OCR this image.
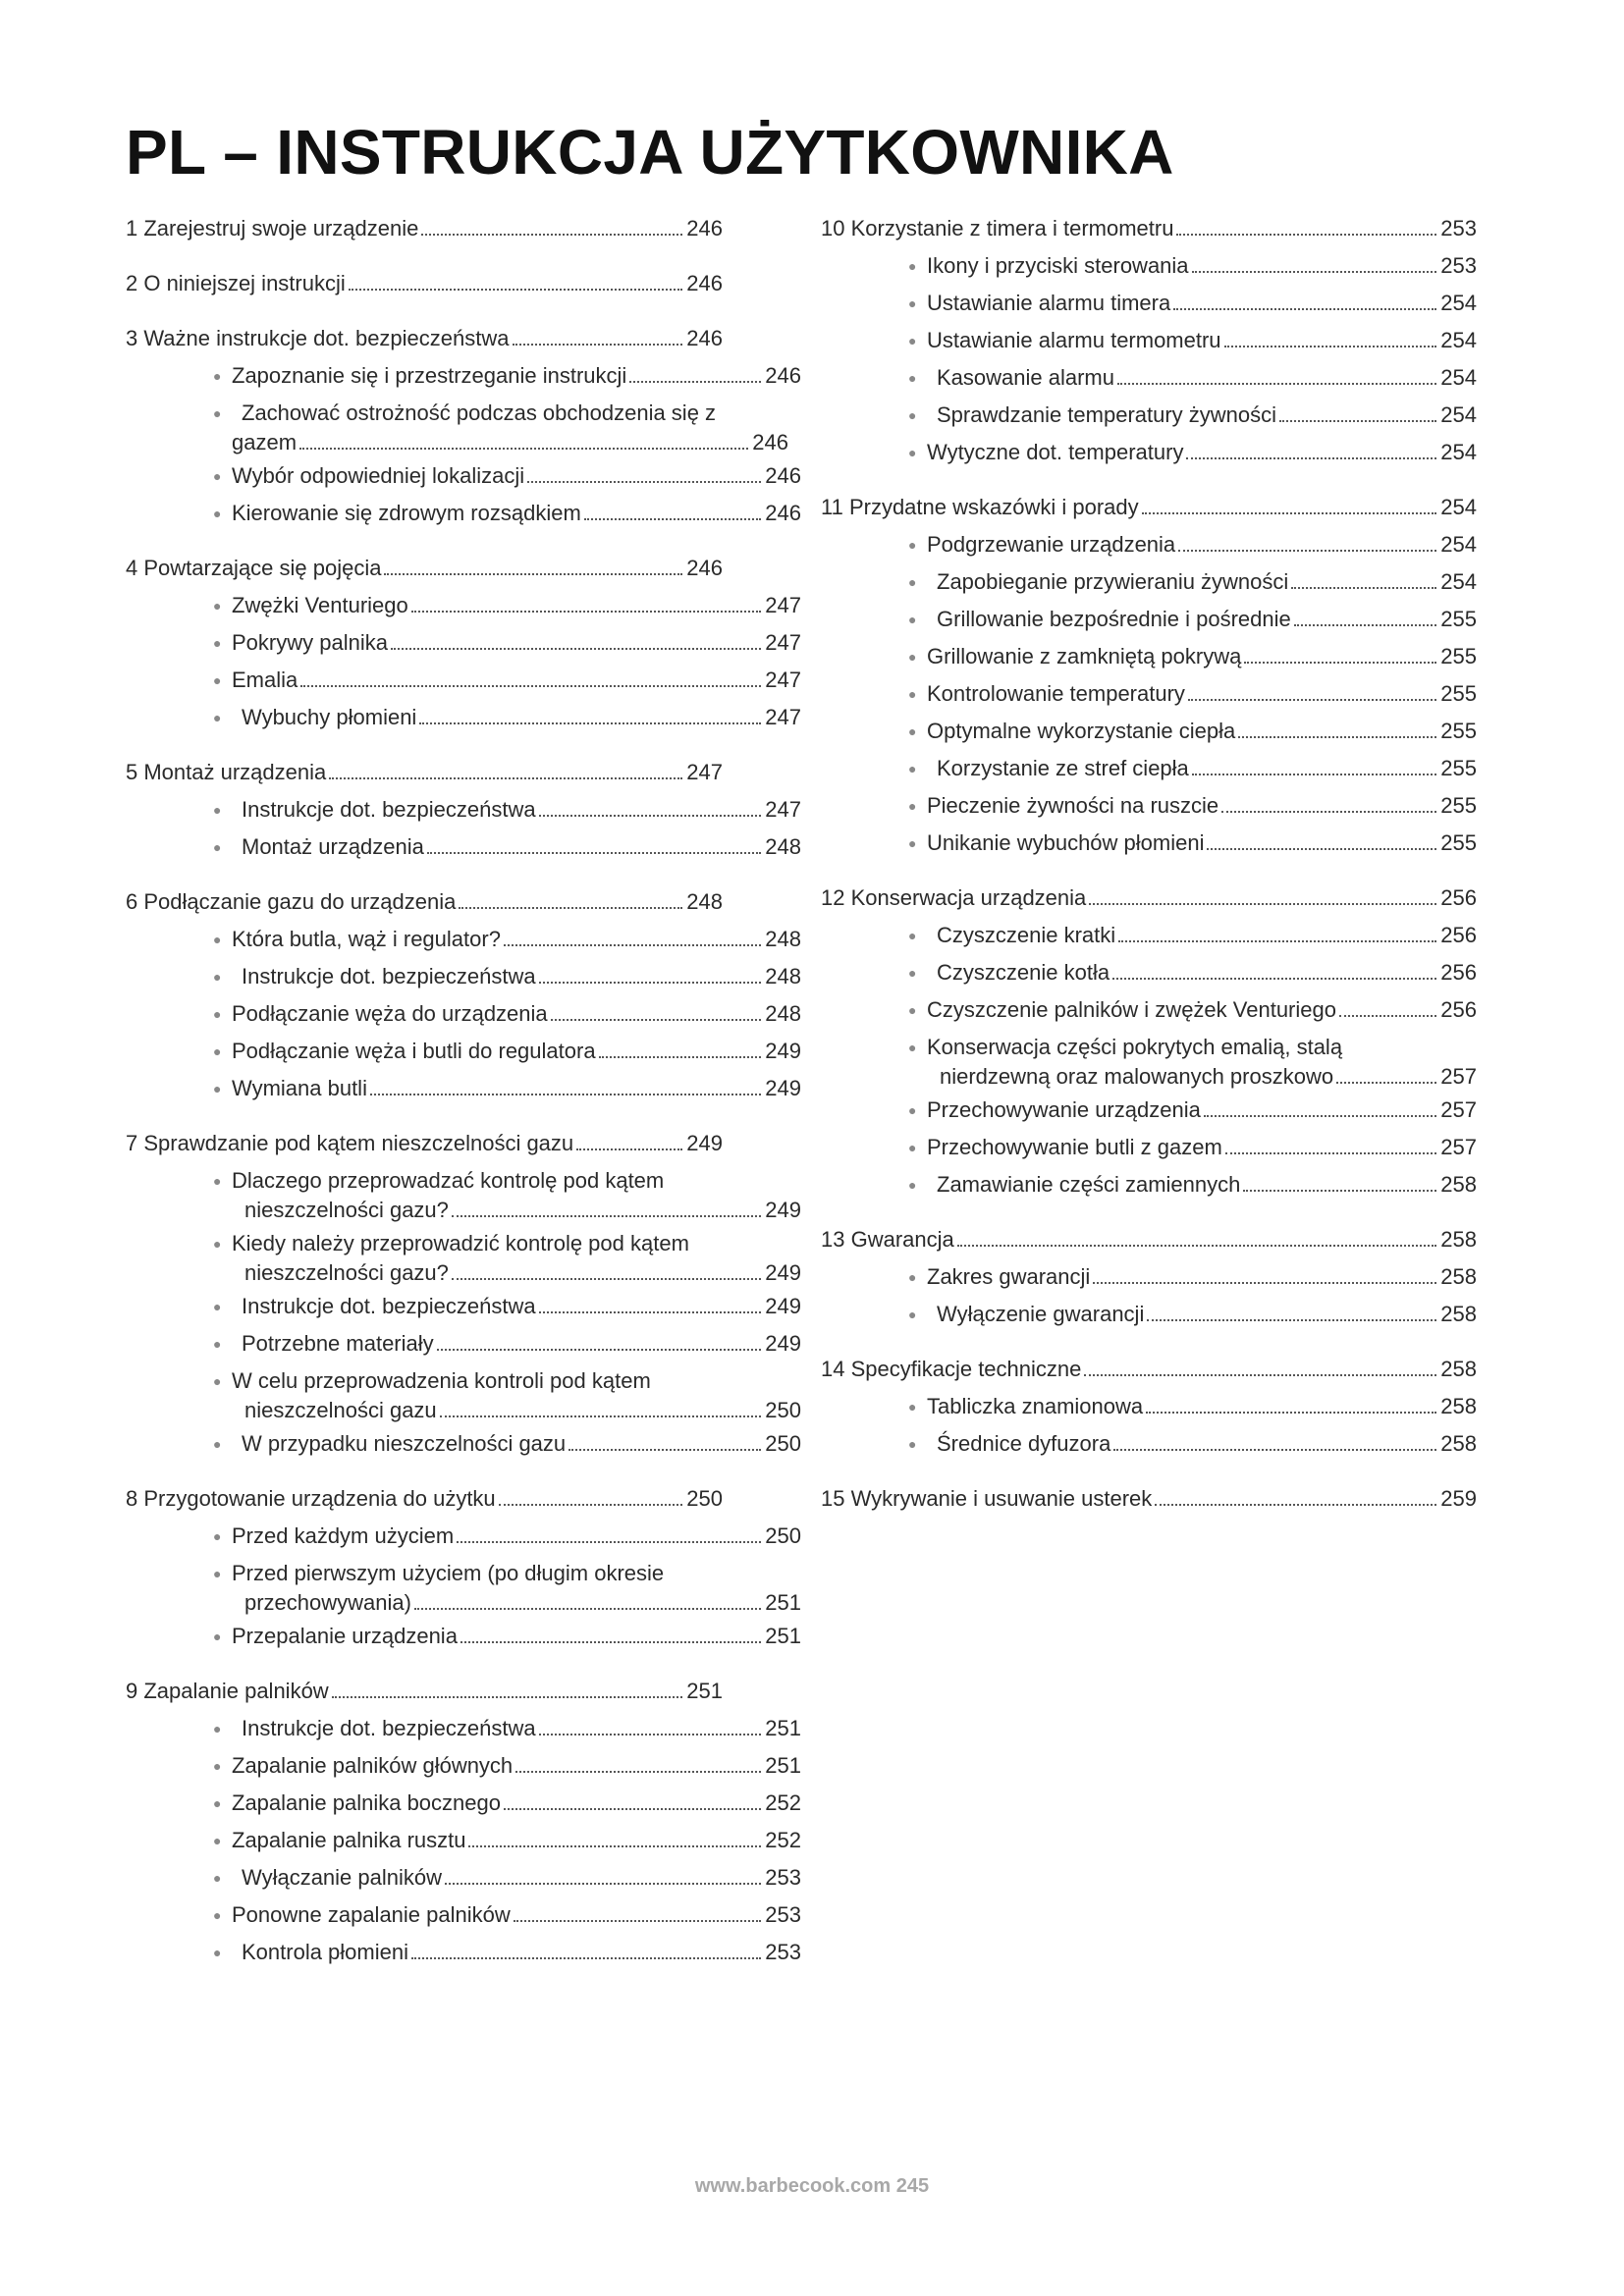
PL – INSTRUKCJA UŻYTKOWNIKA
1 Zarejestruj swoje urządzenie	246
2 O niniejszej instrukcji	246
3 Ważne instrukcje dot. bezpieczeństwa	246
● Zapoznanie się i przestrzeganie instrukcji	246
● Zachować ostrożność podczas obchodzenia się z
gazem	246
● Wybór odpowiedniej lokalizacji	246
● Kierowanie się zdrowym rozsądkiem	246
4 Powtarzające się pojęcia	246
● Zwężki Venturiego	247
● Pokrywy palnika	247
● Emalia	247
● Wybuchy płomieni	247
5 Montaż urządzenia	247
● Instrukcje dot. bezpieczeństwa	247
● Montaż urządzenia	248
6 Podłączanie gazu do urządzenia	248
● Która butla, wąż i regulator?	248
● Instrukcje dot. bezpieczeństwa	248
● Podłączanie węża do urządzenia	248
● Podłączanie węża i butli do regulatora	249
● Wymiana butli	249
7 Sprawdzanie pod kątem nieszczelności gazu	249
● Dlaczego przeprowadzać kontrolę pod kątem
nieszczelności gazu?	249
● Kiedy należy przeprowadzić kontrolę pod kątem
nieszczelności gazu?	249
● Instrukcje dot. bezpieczeństwa	249
● Potrzebne materiały	249
● W celu przeprowadzenia kontroli pod kątem
nieszczelności gazu	250
● W przypadku nieszczelności gazu	250
8 Przygotowanie urządzenia do użytku	250
● Przed każdym użyciem	250
● Przed pierwszym użyciem (po długim okresie
przechowywania)	251
● Przepalanie urządzenia	251
9 Zapalanie palników	251
● Instrukcje dot. bezpieczeństwa	251
● Zapalanie palników głównych	251
● Zapalanie palnika bocznego	252
● Zapalanie palnika rusztu	252
● Wyłączanie palników	253
● Ponowne zapalanie palników	253
● Kontrola płomieni	253
10 Korzystanie z timera i termometru	253
● Ikony i przyciski sterowania	253
● Ustawianie alarmu timera	254
● Ustawianie alarmu termometru	254
● Kasowanie alarmu	254
● Sprawdzanie temperatury żywności	254
● Wytyczne dot. temperatury	254
11 Przydatne wskazówki i porady	254
● Podgrzewanie urządzenia	254
● Zapobieganie przywieraniu żywności	254
● Grillowanie bezpośrednie i pośrednie	255
● Grillowanie z zamkniętą pokrywą	255
● Kontrolowanie temperatury	255
● Optymalne wykorzystanie ciepła	255
● Korzystanie ze stref ciepła	255
● Pieczenie żywności na ruszcie	255
● Unikanie wybuchów płomieni	255
12 Konserwacja urządzenia	256
● Czyszczenie kratki	256
● Czyszczenie kotła	256
● Czyszczenie palników i zwężek Venturiego	256
● Konserwacja części pokrytych emalią, stalą
nierdzewną oraz malowanych proszkowo	257
● Przechowywanie urządzenia	257
● Przechowywanie butli z gazem	257
● Zamawianie części zamiennych	258
13 Gwarancja	258
● Zakres gwarancji	258
● Wyłączenie gwarancji	258
14 Specyfikacje techniczne	258
● Tabliczka znamionowa	258
● Średnice dyfuzora	258
15 Wykrywanie i usuwanie usterek	259
www.barbecook.com 245
